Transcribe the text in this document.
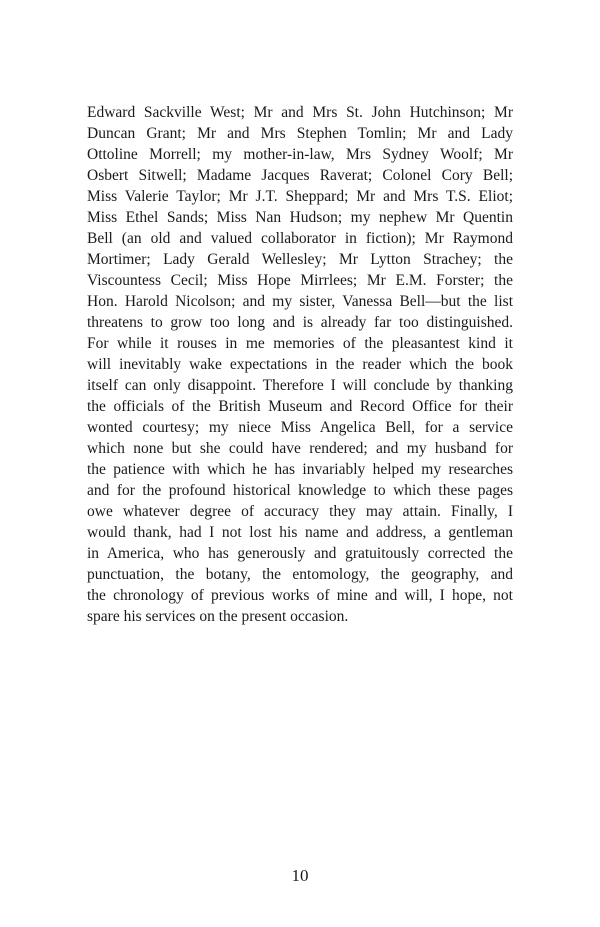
Edward Sackville West; Mr and Mrs St. John Hutchinson; Mr
Duncan Grant; Mr and Mrs Stephen Tomlin; Mr and Lady
Ottoline Morrell; my mother-in-law, Mrs Sydney Woolf; Mr
Osbert Sitwell; Madame Jacques Raverat; Colonel Cory Bell;
Miss Valerie Taylor; Mr J.T. Sheppard; Mr and Mrs T.S. Eliot;
Miss Ethel Sands; Miss Nan Hudson; my nephew Mr Quentin
Bell (an old and valued collaborator in fiction); Mr Raymond
Mortimer; Lady Gerald Wellesley; Mr Lytton Strachey; the
Viscountess Cecil; Miss Hope Mirrlees; Mr E.M. Forster; the
Hon. Harold Nicolson; and my sister, Vanessa Bell—but the list
threatens to grow too long and is already far too distinguished.
For while it rouses in me memories of the pleasantest kind it
will inevitably wake expectations in the reader which the book
itself can only disappoint. Therefore I will conclude by thanking
the officials of the British Museum and Record Office for their
wonted courtesy; my niece Miss Angelica Bell, for a service
which none but she could have rendered; and my husband for
the patience with which he has invariably helped my researches
and for the profound historical knowledge to which these pages
owe whatever degree of accuracy they may attain. Finally, I
would thank, had I not lost his name and address, a gentleman
in America, who has generously and gratuitously corrected the
punctuation, the botany, the entomology, the geography, and
the chronology of previous works of mine and will, I hope, not
spare his services on the present occasion.
10
